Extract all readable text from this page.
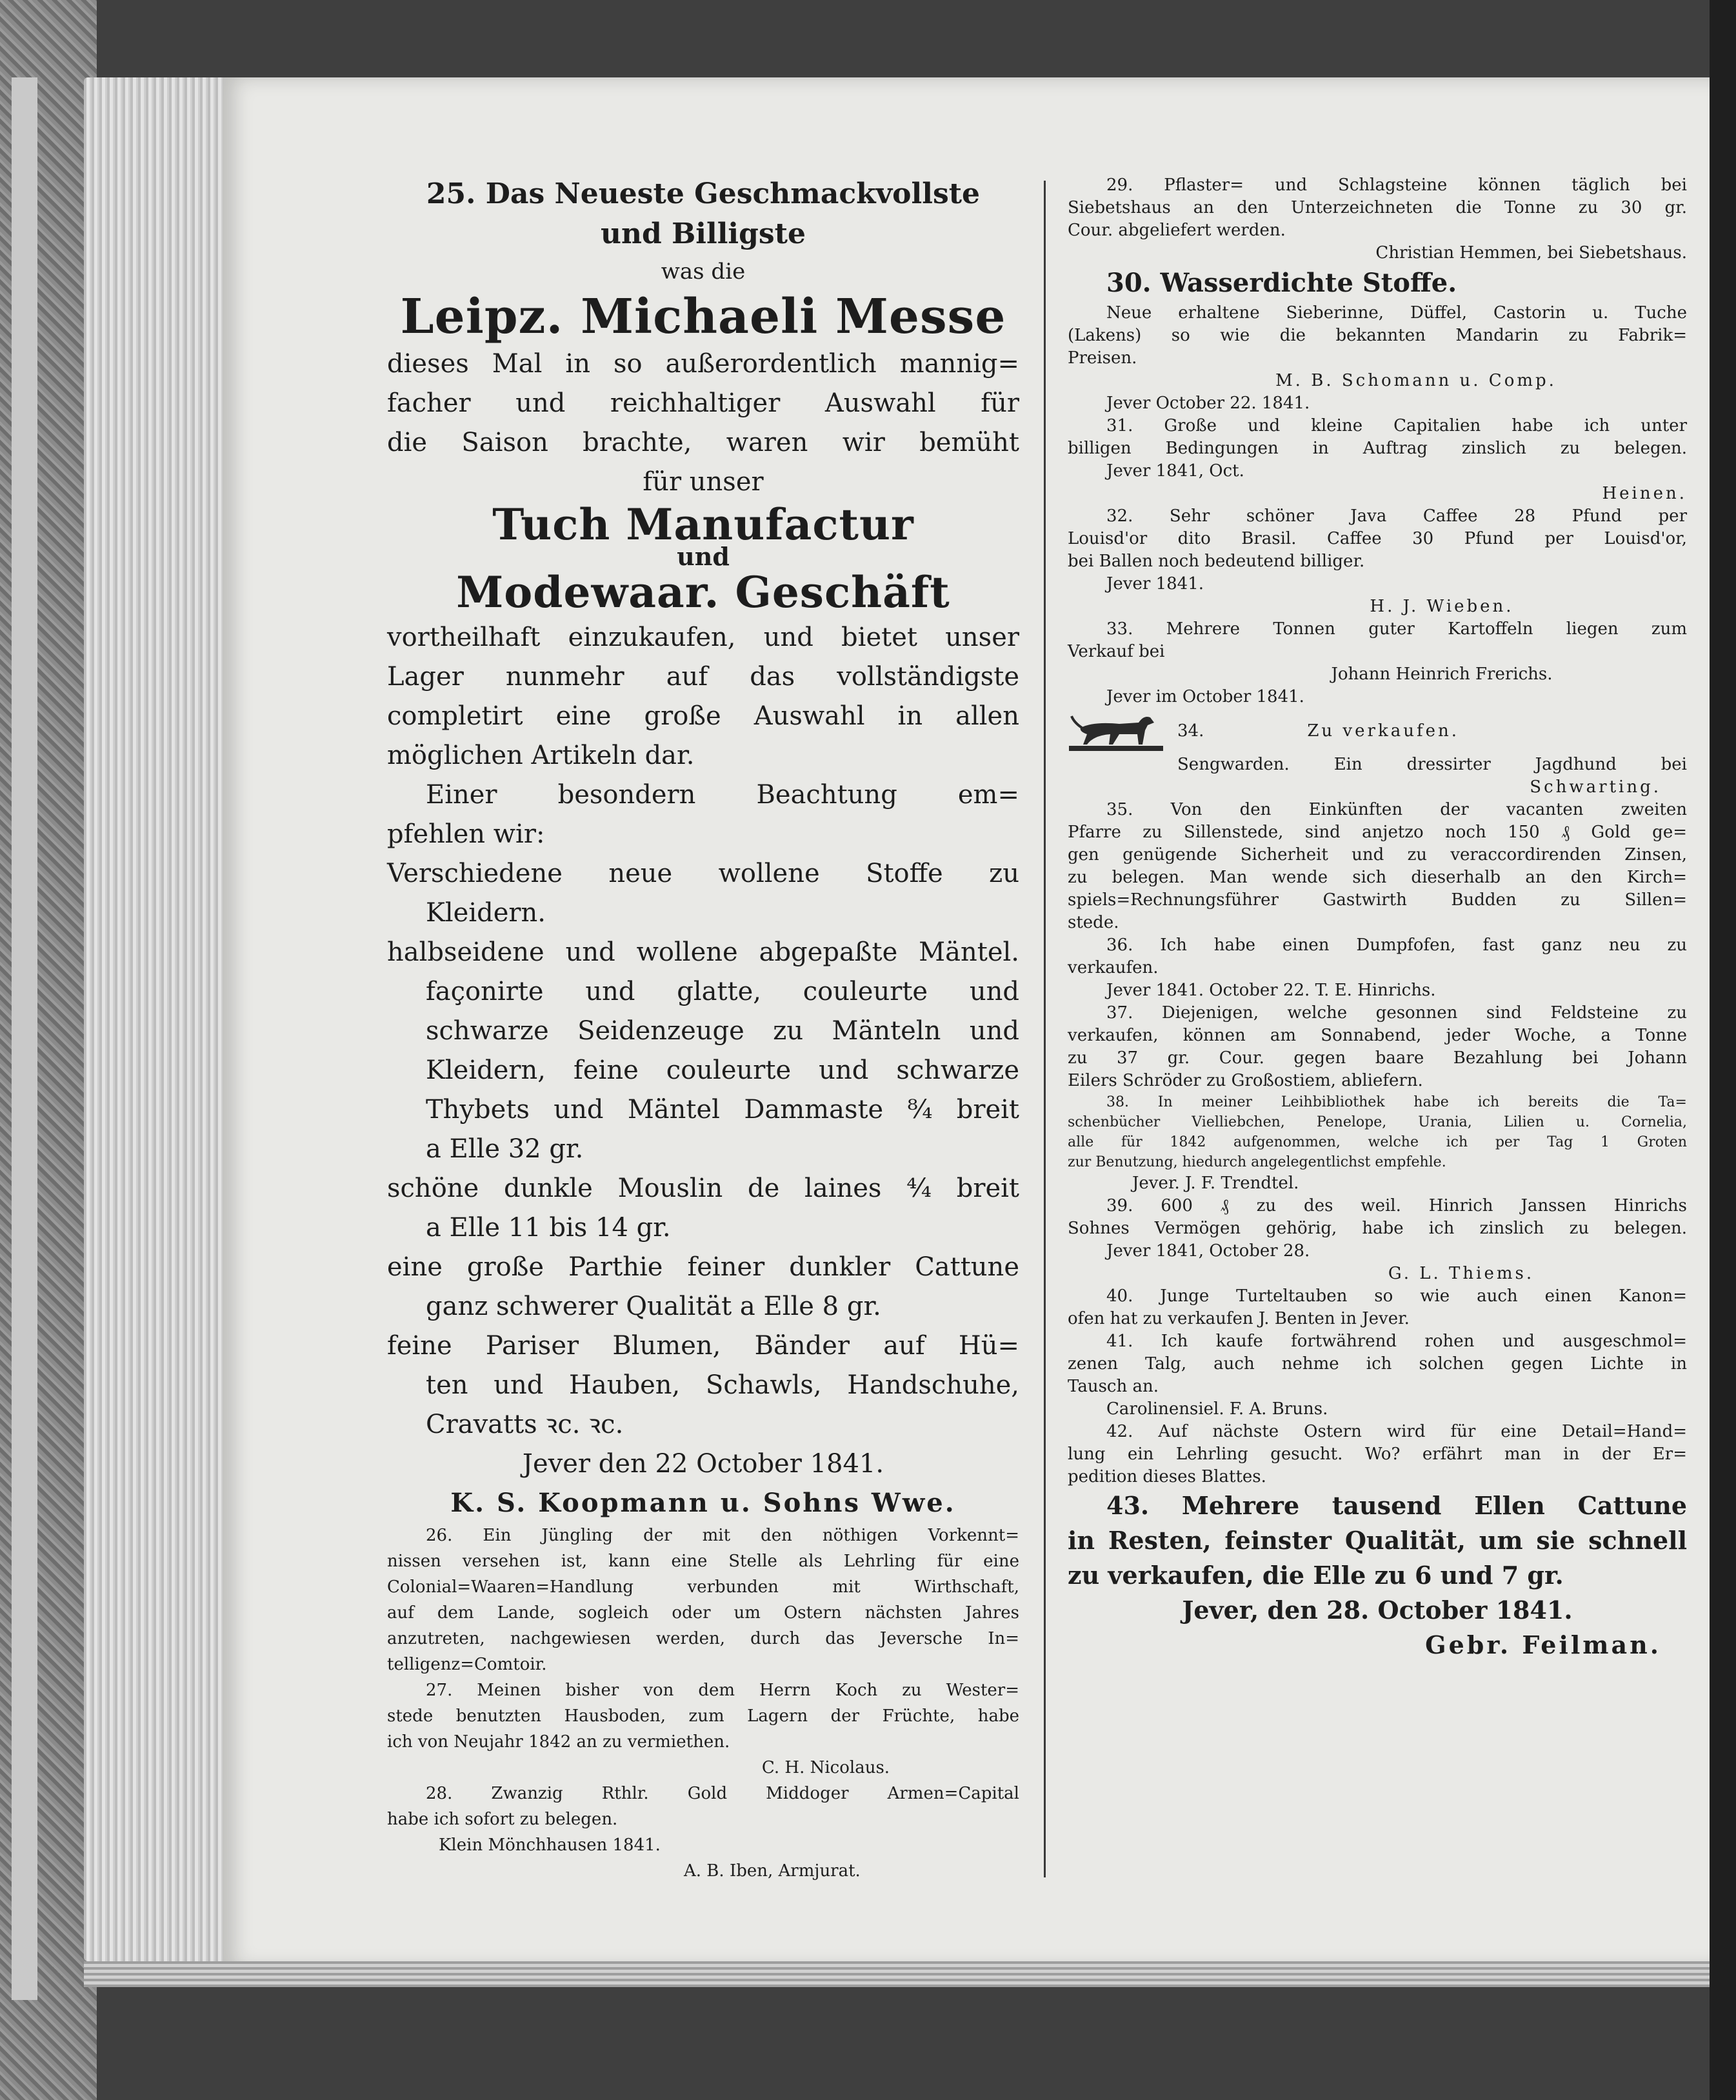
25. Das Neueste Geschmackvollste

und Billigste

was die

Leipz. Michaeli Messe

dieses Mal in so außerordentlich mannig=

facher und reichhaltiger Auswahl für

die Saison brachte, waren wir bemüht

für unser

Tuch Manufactur

und

Modewaar. Geschäft

vortheilhaft einzukaufen, und bietet unser

Lager nunmehr auf das vollständigste

completirt eine große Auswahl in allen

möglichen Artikeln dar.

Einer besondern Beachtung em=

pfehlen wir:

Verschiedene neue wollene Stoffe zu

Kleidern.

halbseidene und wollene abgepaßte Mäntel.

façonirte und glatte, couleurte und

schwarze Seidenzeuge zu Mänteln und

Kleidern, feine couleurte und schwarze

Thybets und Mäntel Dammaste ⁸⁄₄ breit

a Elle 32 gr.

schöne dunkle Mouslin de laines ⁴⁄₄ breit

a Elle 11 bis 14 gr.

eine große Parthie feiner dunkler Cattune

ganz schwerer Qualität a Elle 8 gr.

feine Pariser Blumen, Bänder auf Hü=

ten und Hauben, Schawls, Handschuhe,

Cravatts ꝛc. ꝛc.

Jever den 22 October 1841.

K. S. Koopmann u. Sohns Wwe.

26. Ein Jüngling der mit den nöthigen Vorkennt=

nissen versehen ist, kann eine Stelle als Lehrling für eine

Colonial=Waaren=Handlung verbunden mit Wirthschaft,

auf dem Lande, sogleich oder um Ostern nächsten Jahres

anzutreten, nachgewiesen werden, durch das Jeversche In=

telligenz=Comtoir.

27. Meinen bisher von dem Herrn Koch zu Wester=

stede benutzten Hausboden, zum Lagern der Früchte, habe

ich von Neujahr 1842 an zu vermiethen.

C. H. Nicolaus.

28. Zwanzig Rthlr. Gold Middoger Armen=Capital

habe ich sofort zu belegen.

Klein Mönchhausen 1841.

A. B. Iben, Armjurat.

29. Pflaster= und Schlagsteine können täglich bei

Siebetshaus an den Unterzeichneten die Tonne zu 30 gr.

Cour. abgeliefert werden.

Christian Hemmen, bei Siebetshaus.

30. Wasserdichte Stoffe.

Neue erhaltene Sieberinne, Düffel, Castorin u. Tuche

(Lakens) so wie die bekannten Mandarin zu Fabrik=

Preisen.

M. B. Schomann u. Comp.

Jever October 22. 1841.

31. Große und kleine Capitalien habe ich unter

billigen Bedingungen in Auftrag zinslich zu belegen.

Jever 1841, Oct.

Heinen.

32. Sehr schöner Java Caffee 28 Pfund per

Louisd'or dito Brasil. Caffee 30 Pfund per Louisd'or,

bei Ballen noch bedeutend billiger.

Jever 1841.

H. J. Wieben.

33. Mehrere Tonnen guter Kartoffeln liegen zum

Verkauf bei

Johann Heinrich Frerichs.

Jever im October 1841.

34.	Zu verkaufen.

Sengwarden. Ein dressirter Jagdhund bei

Schwarting.

35. Von den Einkünften der vacanten zweiten

Pfarre zu Sillenstede, sind anjetzo noch 150 ₰ Gold ge=

gen genügende Sicherheit und zu veraccordirenden Zinsen,

zu belegen. Man wende sich dieserhalb an den Kirch=

spiels=Rechnungsführer Gastwirth Budden zu Sillen=

stede.

36. Ich habe einen Dumpfofen, fast ganz neu zu

verkaufen.

Jever 1841. October 22. T. E. Hinrichs.

37. Diejenigen, welche gesonnen sind Feldsteine zu

verkaufen, können am Sonnabend, jeder Woche, a Tonne

zu 37 gr. Cour. gegen baare Bezahlung bei Johann

Eilers Schröder zu Großostiem, abliefern.

38. In meiner Leihbibliothek habe ich bereits die Ta=

schenbücher Vielliebchen, Penelope, Urania, Lilien u. Cornelia,

alle für 1842 aufgenommen, welche ich per Tag 1 Groten

zur Benutzung, hiedurch angelegentlichst empfehle.

Jever. J. F. Trendtel.

39. 600 ₰ zu des weil. Hinrich Janssen Hinrichs

Sohnes Vermögen gehörig, habe ich zinslich zu belegen.

Jever 1841, October 28.

G. L. Thiems.

40. Junge Turteltauben so wie auch einen Kanon=

ofen hat zu verkaufen J. Benten in Jever.

41. Ich kaufe fortwährend rohen und ausgeschmol=

zenen Talg, auch nehme ich solchen gegen Lichte in

Tausch an.

Carolinensiel. F. A. Bruns.

42. Auf nächste Ostern wird für eine Detail=Hand=

lung ein Lehrling gesucht. Wo? erfährt man in der Er=

pedition dieses Blattes.

43. Mehrere tausend Ellen Cattune

in Resten, feinster Qualität, um sie schnell

zu verkaufen, die Elle zu 6 und 7 gr.

Jever, den 28. October 1841.

Gebr. Feilman.
